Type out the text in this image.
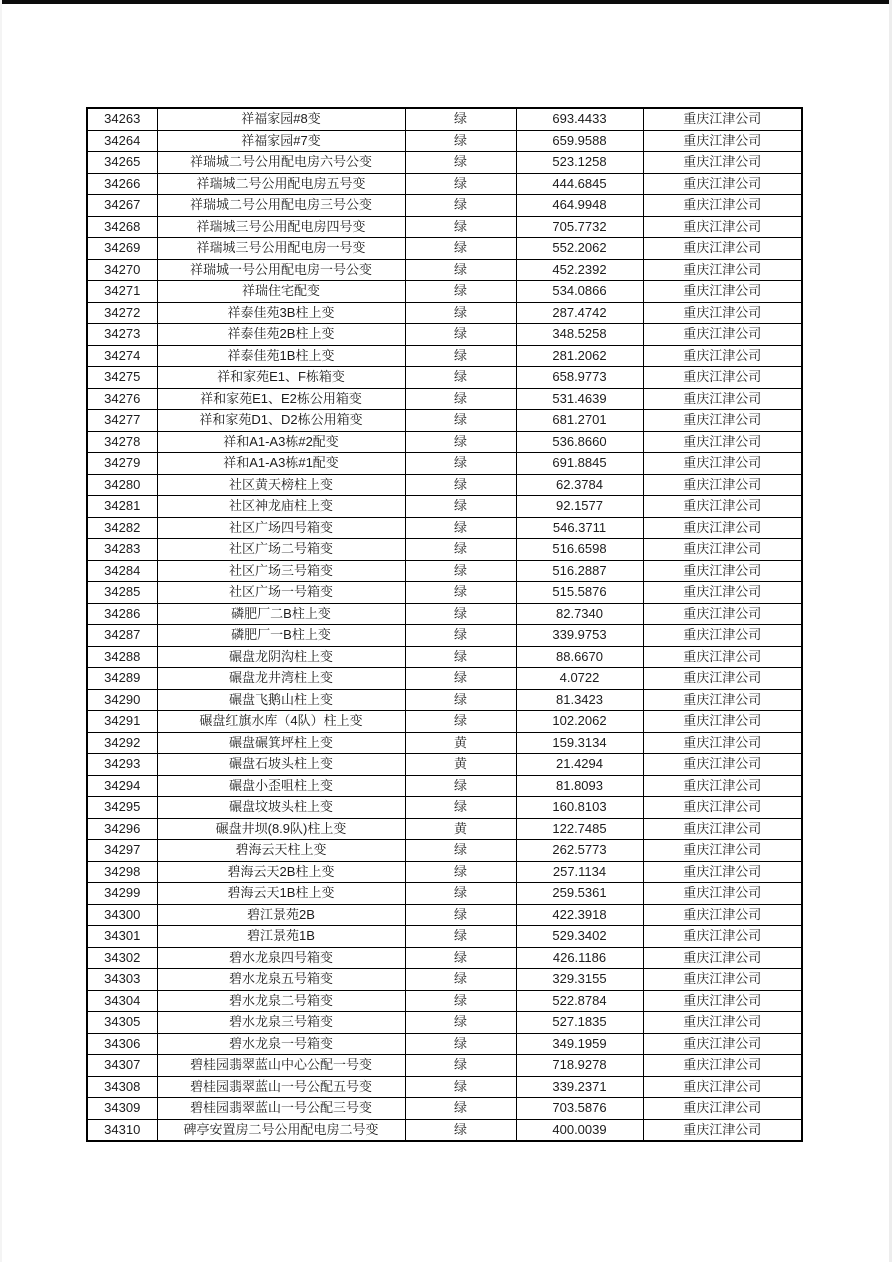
34263	祥福家园#8变	绿	693.4433	重庆江津公司
34264	祥福家园#7变	绿	659.9588	重庆江津公司
34265	祥瑞城二号公用配电房六号公变	绿	523.1258	重庆江津公司
34266	祥瑞城二号公用配电房五号变	绿	444.6845	重庆江津公司
34267	祥瑞城二号公用配电房三号公变	绿	464.9948	重庆江津公司
34268	祥瑞城三号公用配电房四号变	绿	705.7732	重庆江津公司
34269	祥瑞城三号公用配电房一号变	绿	552.2062	重庆江津公司
34270	祥瑞城一号公用配电房一号公变	绿	452.2392	重庆江津公司
34271	祥瑞住宅配变	绿	534.0866	重庆江津公司
34272	祥泰佳苑3B柱上变	绿	287.4742	重庆江津公司
34273	祥泰佳苑2B柱上变	绿	348.5258	重庆江津公司
34274	祥泰佳苑1B柱上变	绿	281.2062	重庆江津公司
34275	祥和家苑E1、F栋箱变	绿	658.9773	重庆江津公司
34276	祥和家苑E1、E2栋公用箱变	绿	531.4639	重庆江津公司
34277	祥和家苑D1、D2栋公用箱变	绿	681.2701	重庆江津公司
34278	祥和A1-A3栋#2配变	绿	536.8660	重庆江津公司
34279	祥和A1-A3栋#1配变	绿	691.8845	重庆江津公司
34280	社区黄天榜柱上变	绿	62.3784	重庆江津公司
34281	社区神龙庙柱上变	绿	92.1577	重庆江津公司
34282	社区广场四号箱变	绿	546.3711	重庆江津公司
34283	社区广场二号箱变	绿	516.6598	重庆江津公司
34284	社区广场三号箱变	绿	516.2887	重庆江津公司
34285	社区广场一号箱变	绿	515.5876	重庆江津公司
34286	磷肥厂二B柱上变	绿	82.7340	重庆江津公司
34287	磷肥厂一B柱上变	绿	339.9753	重庆江津公司
34288	碾盘龙阴沟柱上变	绿	88.6670	重庆江津公司
34289	碾盘龙井湾柱上变	绿	4.0722	重庆江津公司
34290	碾盘飞鹅山柱上变	绿	81.3423	重庆江津公司
34291	碾盘红旗水库（4队）柱上变	绿	102.2062	重庆江津公司
34292	碾盘碾箕坪柱上变	黄	159.3134	重庆江津公司
34293	碾盘石坡头柱上变	黄	21.4294	重庆江津公司
34294	碾盘小歪咀柱上变	绿	81.8093	重庆江津公司
34295	碾盘坟坡头柱上变	绿	160.8103	重庆江津公司
34296	碾盘井坝(8.9队)柱上变	黄	122.7485	重庆江津公司
34297	碧海云天柱上变	绿	262.5773	重庆江津公司
34298	碧海云天2B柱上变	绿	257.1134	重庆江津公司
34299	碧海云天1B柱上变	绿	259.5361	重庆江津公司
34300	碧江景苑2B	绿	422.3918	重庆江津公司
34301	碧江景苑1B	绿	529.3402	重庆江津公司
34302	碧水龙泉四号箱变	绿	426.1186	重庆江津公司
34303	碧水龙泉五号箱变	绿	329.3155	重庆江津公司
34304	碧水龙泉二号箱变	绿	522.8784	重庆江津公司
34305	碧水龙泉三号箱变	绿	527.1835	重庆江津公司
34306	碧水龙泉一号箱变	绿	349.1959	重庆江津公司
34307	碧桂园翡翠蓝山中心公配一号变	绿	718.9278	重庆江津公司
34308	碧桂园翡翠蓝山一号公配五号变	绿	339.2371	重庆江津公司
34309	碧桂园翡翠蓝山一号公配三号变	绿	703.5876	重庆江津公司
34310	碑亭安置房二号公用配电房二号变	绿	400.0039	重庆江津公司
